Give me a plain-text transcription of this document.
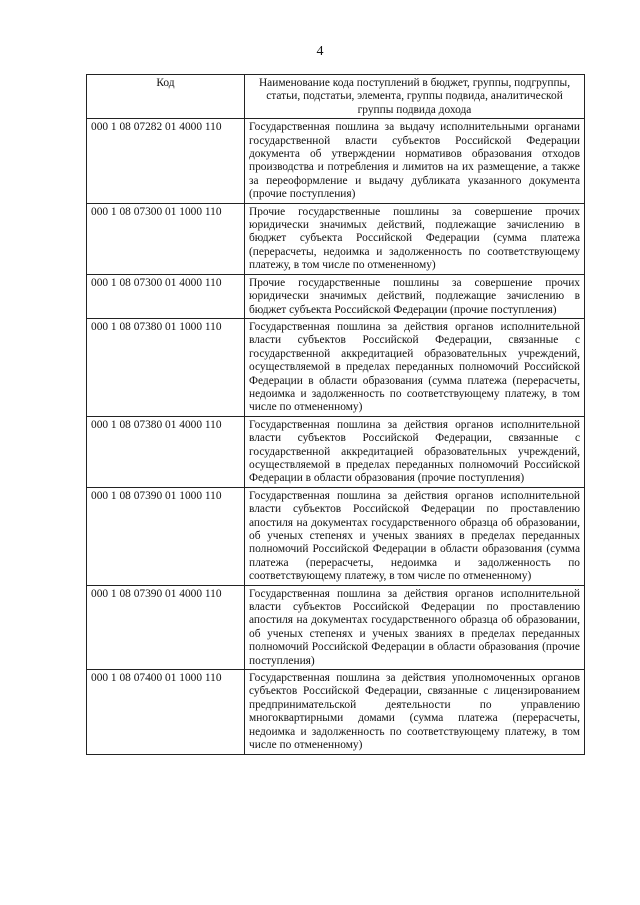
4
Код	Наименование кода поступлений в бюджет, группы, подгруппы, статьи, подстатьи, элемента, группы подвида, аналитической группы подвида дохода
000 1 08 07282 01 4000 110	Государственная пошлина за выдачу исполнительными органами государственной власти субъектов Российской Федерации документа об утверждении нормативов образования отходов производства и потребления и лимитов на их размещение, а также за переоформление и выдачу дубликата указанного документа (прочие поступления)
000 1 08 07300 01 1000 110	Прочие государственные пошлины за совершение прочих юридически значимых действий, подлежащие зачислению в бюджет субъекта Российской Федерации (сумма платежа (перерасчеты, недоимка и задолженность по соответствующему платежу, в том числе по отмененному)
000 1 08 07300 01 4000 110	Прочие государственные пошлины за совершение прочих юридически значимых действий, подлежащие зачислению в бюджет субъекта Российской Федерации (прочие поступления)
000 1 08 07380 01 1000 110	Государственная пошлина за действия органов исполнительной власти субъектов Российской Федерации, связанные с государственной аккредитацией образовательных учреждений, осуществляемой в пределах переданных полномочий Российской Федерации в области образования (сумма платежа (перерасчеты, недоимка и задолженность по соответствующему платежу, в том числе по отмененному)
000 1 08 07380 01 4000 110	Государственная пошлина за действия органов исполнительной власти субъектов Российской Федерации, связанные с государственной аккредитацией образовательных учреждений, осуществляемой в пределах переданных полномочий Российской Федерации в области образования (прочие поступления)
000 1 08 07390 01 1000 110	Государственная пошлина за действия органов исполнительной власти субъектов Российской Федерации по проставлению апостиля на документах государственного образца об образовании, об ученых степенях и ученых званиях в пределах переданных полномочий Российской Федерации в области образования (сумма платежа (перерасчеты, недоимка и задолженность по соответствующему платежу, в том числе по отмененному)
000 1 08 07390 01 4000 110	Государственная пошлина за действия органов исполнительной власти субъектов Российской Федерации по проставлению апостиля на документах государственного образца об образовании, об ученых степенях и ученых званиях в пределах переданных полномочий Российской Федерации в области образования (прочие поступления)
000 1 08 07400 01 1000 110	Государственная пошлина за действия уполномоченных органов субъектов Российской Федерации, связанные с лицензированием предпринимательской деятельности по управлению многоквартирными домами (сумма платежа (перерасчеты, недоимка и задолженность по соответствующему платежу, в том числе по отмененному)
